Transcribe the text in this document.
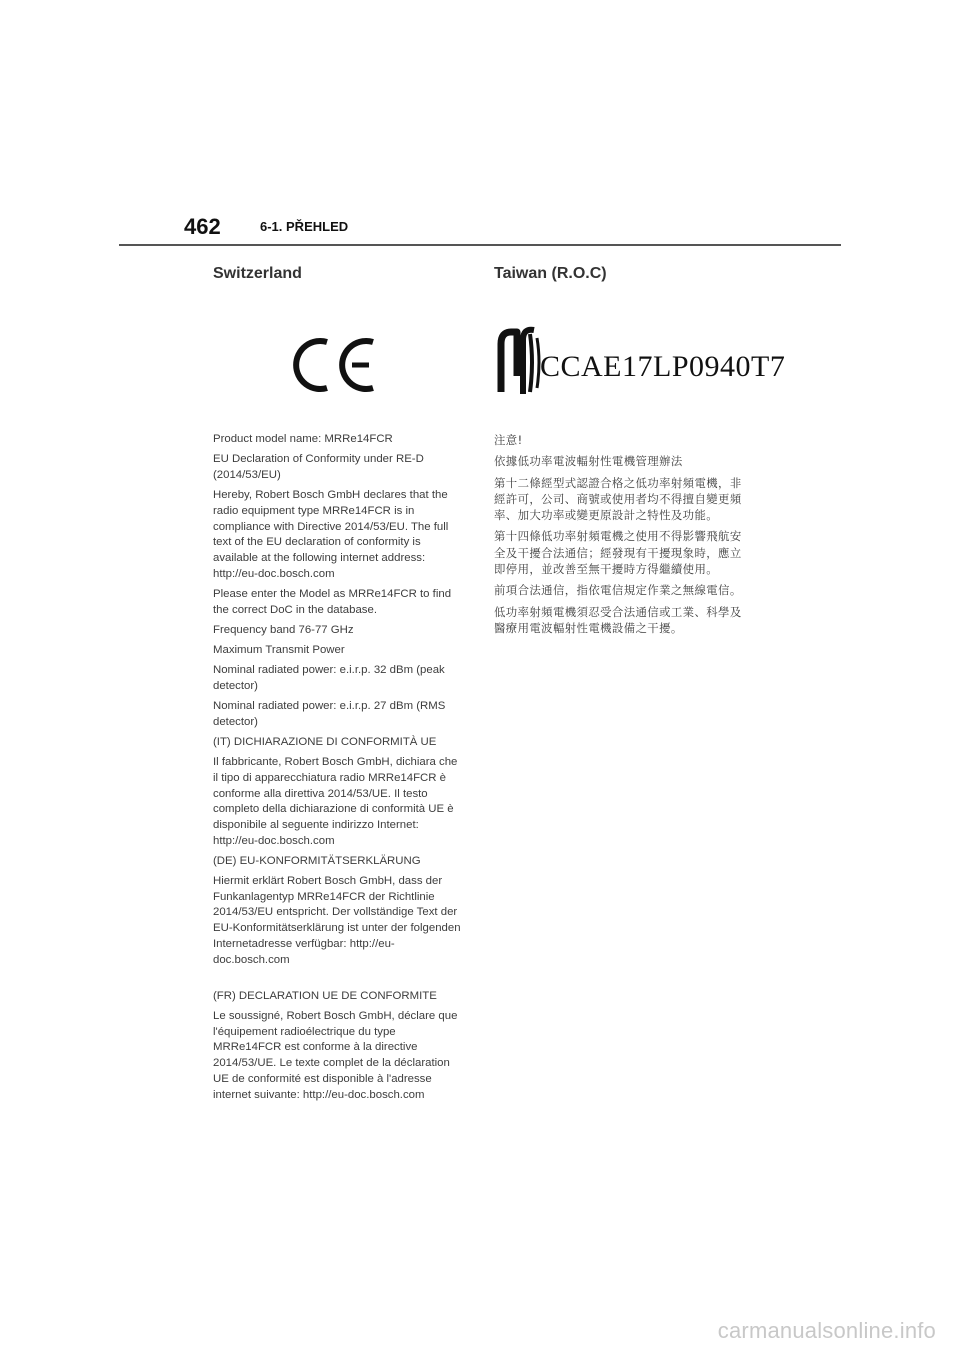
462	6-1. PŘEHLED
Switzerland

Product model name: MRRe14FCR

EU Declaration of Conformity under RE-D (2014/53/EU)

Hereby, Robert Bosch GmbH declares that the radio equipment type MRRe14FCR is in compliance with Directive 2014/53/EU. The full text of the EU declaration of conformity is available at the following internet address: http://eu-doc.bosch.com

Please enter the Model as MRRe14FCR to find the correct DoC in the database.

Frequency band 76-77 GHz

Maximum Transmit Power

Nominal radiated power: e.i.r.p. 32 dBm (peak detector)

Nominal radiated power: e.i.r.p. 27 dBm (RMS detector)

(IT) DICHIARAZIONE DI CONFORMITÀ UE

Il fabbricante, Robert Bosch GmbH, dichiara che il tipo di apparecchiatura radio MRRe14FCR è conforme alla direttiva 2014/53/UE. Il testo completo della dichiarazione di conformità UE è disponibile al seguente indirizzo Internet: http://eu-doc.bosch.com

(DE) EU-KONFORMITÄTSERKLÄRUNG

Hiermit erklärt Robert Bosch GmbH, dass der Funkanlagentyp MRRe14FCR der Richtlinie 2014/53/EU entspricht. Der vollständige Text der EU-Konformitätserklärung ist unter der folgenden Internetadresse verfügbar: http://eu-doc.bosch.com

(FR) DECLARATION UE DE CONFORMITE

Le soussigné, Robert Bosch GmbH, déclare que l'équipement radioélectrique du type MRRe14FCR est conforme à la directive 2014/53/UE. Le texte complet de la déclaration UE de conformité est disponible à l'adresse internet suivante: http://eu-doc.bosch.com

Taiwan (R.O.C)
CCAE17LP0940T7

注意!

依據低功率電波輻射性電機管理辦法

第十二條經型式認證合格之低功率射頻電機，非經許可，公司、商號或使用者均不得擅自變更頻率、加大功率或變更原設計之特性及功能。

第十四條低功率射頻電機之使用不得影響飛航安全及干擾合法通信；經發現有干擾現象時，應立即停用，並改善至無干擾時方得繼續使用。

前項合法通信，指依電信規定作業之無線電信。

低功率射頻電機須忍受合法通信或工業、科學及醫療用電波輻射性電機設備之干擾。

carmanualsonline.info
